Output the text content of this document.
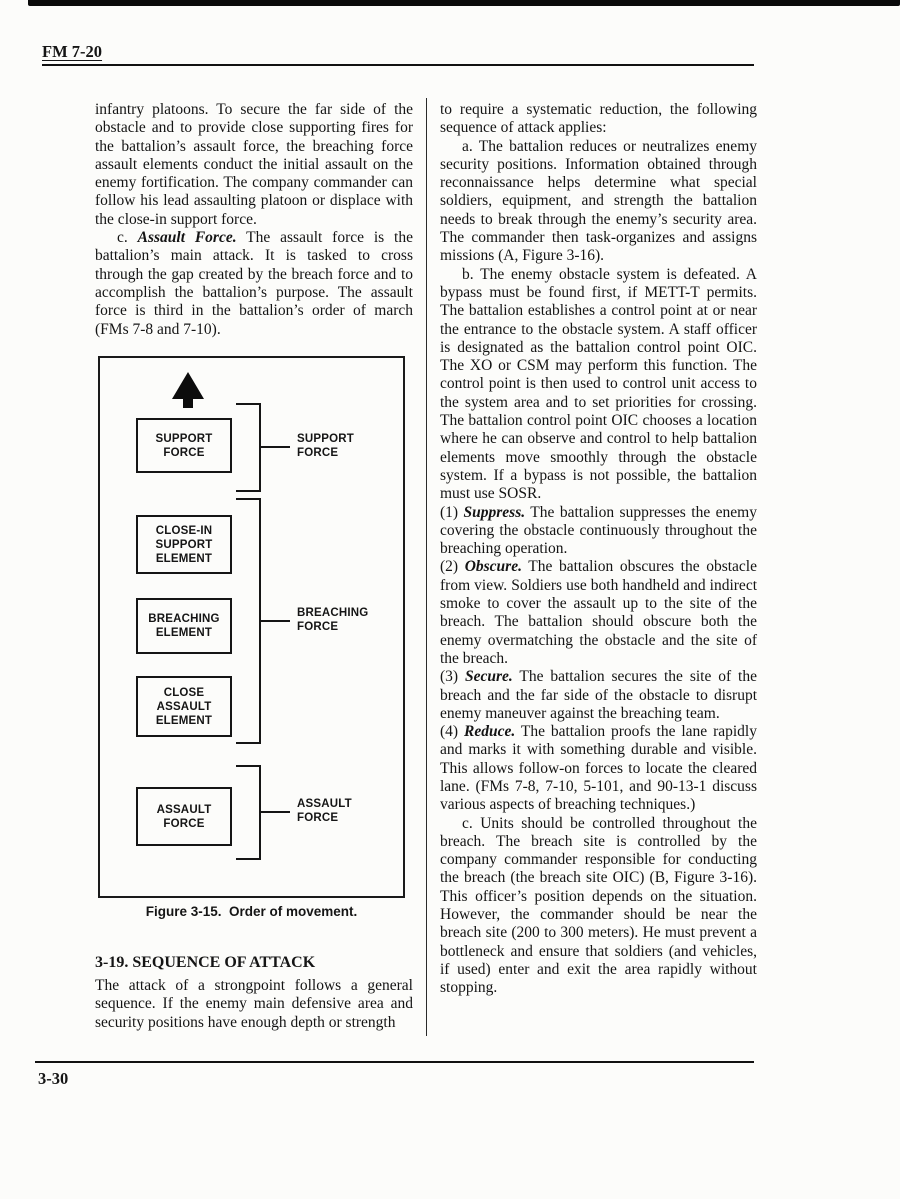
FM 7-20

infantry platoons. To secure the far side of the obstacle and to provide close supporting fires for the battalion’s assault force, the breaching force assault elements conduct the initial assault on the enemy fortification. The company commander can follow his lead assaulting platoon or displace with the close-in support force.

c. Assault Force. The assault force is the battalion’s main attack. It is tasked to cross through the gap created by the breach force and to accomplish the battalion’s purpose. The assault force is third in the battalion’s order of march (FMs 7-8 and 7-10).

SUPPORT FORCE
CLOSE-IN SUPPORT ELEMENT
BREACHING ELEMENT
CLOSE ASSAULT ELEMENT
ASSAULT FORCE
SUPPORT FORCE
BREACHING FORCE
ASSAULT FORCE
Figure 3-15.  Order of movement.
3-19. SEQUENCE OF ATTACK

The attack of a strongpoint follows a general sequence. If the enemy main defensive area and security positions have enough depth or strength

to require a systematic reduction, the following sequence of attack applies:

a. The battalion reduces or neutralizes enemy security positions. Information obtained through reconnaissance helps determine what special soldiers, equipment, and strength the battalion needs to break through the enemy’s security area. The commander then task-organizes and assigns missions (A, Figure 3-16).

b. The enemy obstacle system is defeated. A bypass must be found first, if METT-T permits. The battalion establishes a control point at or near the entrance to the obstacle system. A staff officer is designated as the battalion control point OIC. The XO or CSM may perform this function. The control point is then used to control unit access to the system area and to set priorities for crossing. The battalion control point OIC chooses a location where he can observe and control to help battalion elements move smoothly through the obstacle system. If a bypass is not possible, the battalion must use SOSR.

(1) Suppress. The battalion suppresses the enemy covering the obstacle continuously throughout the breaching operation.

(2) Obscure. The battalion obscures the obstacle from view. Soldiers use both handheld and indirect smoke to cover the assault up to the site of the breach. The battalion should obscure both the enemy overmatching the obstacle and the site of the breach.

(3) Secure. The battalion secures the site of the breach and the far side of the obstacle to disrupt enemy maneuver against the breaching team.

(4) Reduce. The battalion proofs the lane rapidly and marks it with something durable and visible. This allows follow-on forces to locate the cleared lane. (FMs 7-8, 7-10, 5-101, and 90-13-1 discuss various aspects of breaching techniques.)

c. Units should be controlled throughout the breach. The breach site is controlled by the company commander responsible for conducting the breach (the breach site OIC) (B, Figure 3-16). This officer’s position depends on the situation. However, the commander should be near the breach site (200 to 300 meters). He must prevent a bottleneck and ensure that soldiers (and vehicles, if used) enter and exit the area rapidly without stopping.

3-30
